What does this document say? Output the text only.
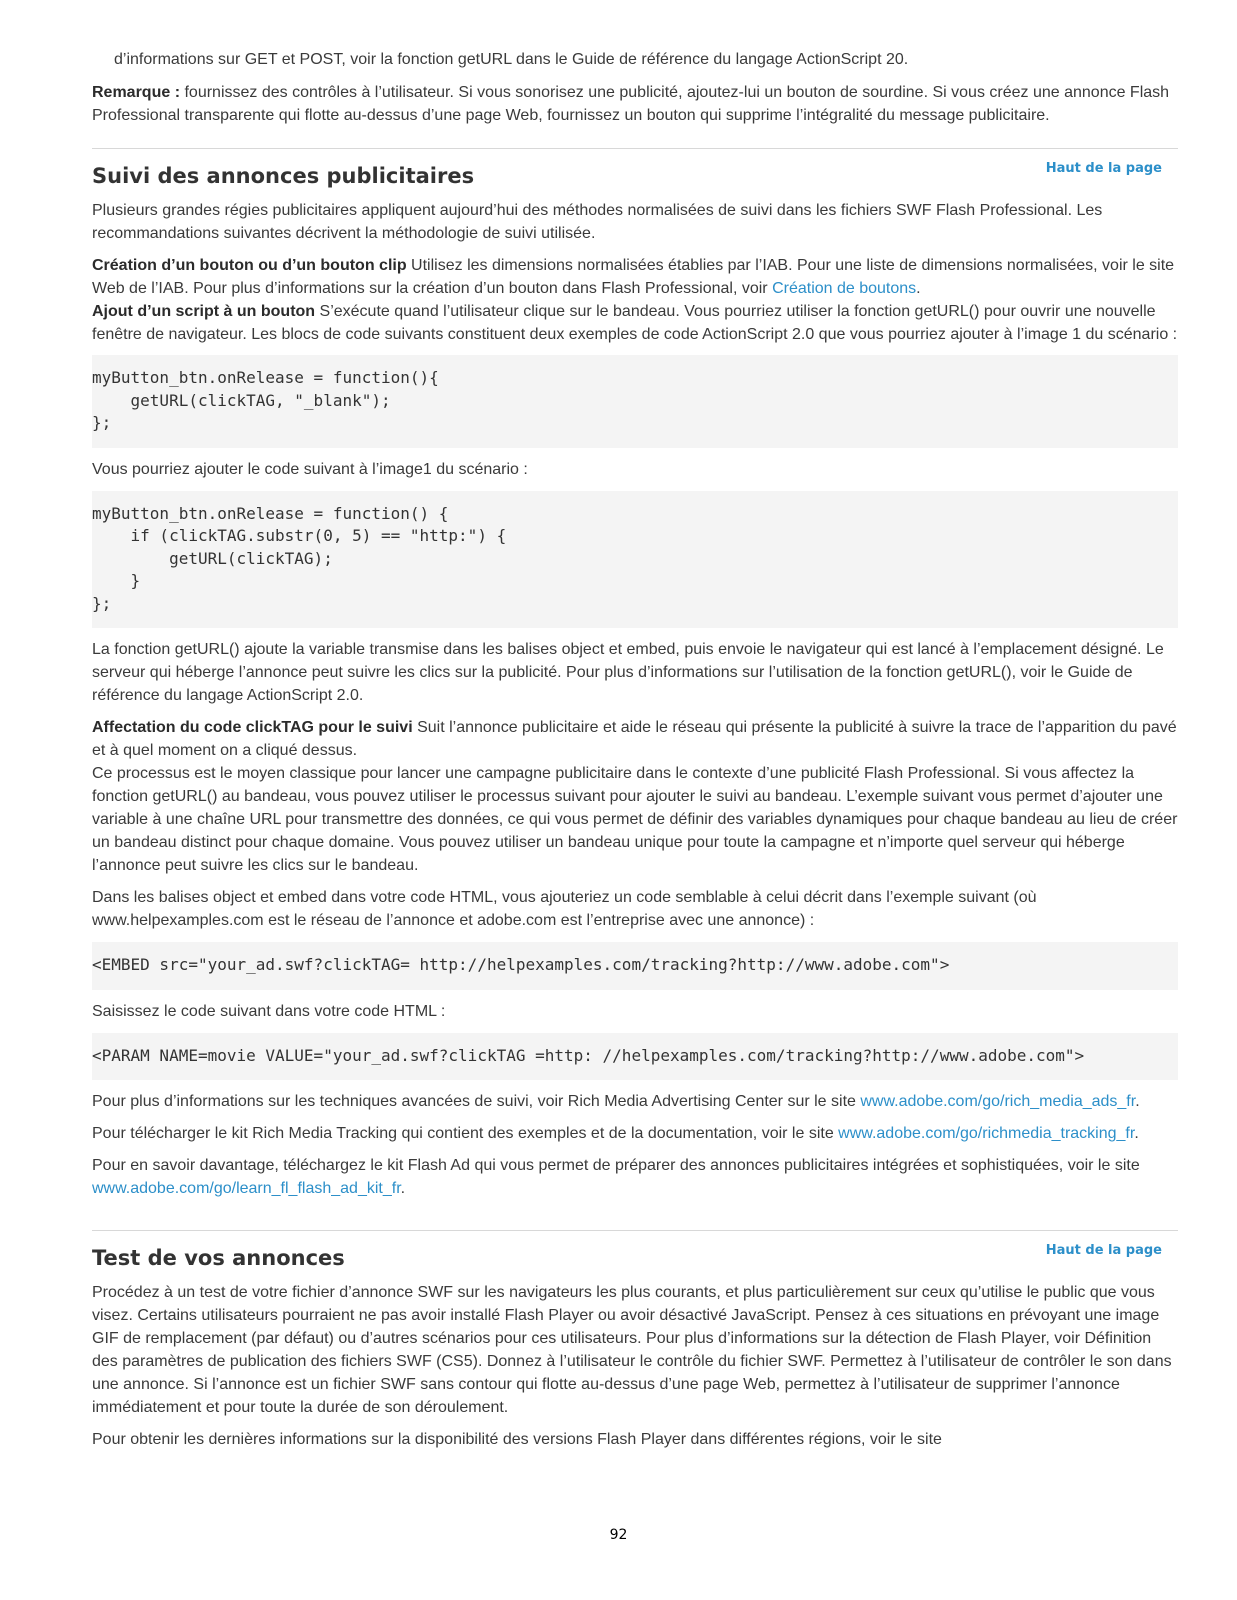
d’informations sur GET et POST, voir la fonction getURL dans le Guide de référence du langage ActionScript 20.

Remarque : fournissez des contrôles à l’utilisateur. Si vous sonorisez une publicité, ajoutez-lui un bouton de sourdine. Si vous créez une annonce Flash Professional transparente qui flotte au-dessus d’une page Web, fournissez un bouton qui supprime l’intégralité du message publicitaire.

Suivi des annonces publicitaires	Haut de la page

Plusieurs grandes régies publicitaires appliquent aujourd’hui des méthodes normalisées de suivi dans les fichiers SWF Flash Professional. Les recommandations suivantes décrivent la méthodologie de suivi utilisée.

Création d’un bouton ou d’un bouton clip Utilisez les dimensions normalisées établies par l’IAB. Pour une liste de dimensions normalisées, voir le site Web de l’IAB. Pour plus d’informations sur la création d’un bouton dans Flash Professional, voir Création de boutons.

Ajout d’un script à un bouton S’exécute quand l’utilisateur clique sur le bandeau. Vous pourriez utiliser la fonction getURL() pour ouvrir une nouvelle fenêtre de navigateur. Les blocs de code suivants constituent deux exemples de code ActionScript 2.0 que vous pourriez ajouter à l’image 1 du scénario :

myButton_btn.onRelease = function(){
getURL(clickTAG, "_blank");
};

Vous pourriez ajouter le code suivant à l’image1 du scénario :

myButton_btn.onRelease = function() {
if (clickTAG.substr(0, 5) == "http:") {
getURL(clickTAG);
}
};

La fonction getURL() ajoute la variable transmise dans les balises object et embed, puis envoie le navigateur qui est lancé à l’emplacement désigné. Le serveur qui héberge l’annonce peut suivre les clics sur la publicité. Pour plus d’informations sur l’utilisation de la fonction getURL(), voir le Guide de référence du langage ActionScript 2.0.

Affectation du code clickTAG pour le suivi Suit l’annonce publicitaire et aide le réseau qui présente la publicité à suivre la trace de l’apparition du pavé et à quel moment on a cliqué dessus.

Ce processus est le moyen classique pour lancer une campagne publicitaire dans le contexte d’une publicité Flash Professional. Si vous affectez la fonction getURL() au bandeau, vous pouvez utiliser le processus suivant pour ajouter le suivi au bandeau. L’exemple suivant vous permet d’ajouter une variable à une chaîne URL pour transmettre des données, ce qui vous permet de définir des variables dynamiques pour chaque bandeau au lieu de créer un bandeau distinct pour chaque domaine. Vous pouvez utiliser un bandeau unique pour toute la campagne et n’importe quel serveur qui héberge l’annonce peut suivre les clics sur le bandeau.

Dans les balises object et embed dans votre code HTML, vous ajouteriez un code semblable à celui décrit dans l’exemple suivant (où www.helpexamples.com est le réseau de l’annonce et adobe.com est l’entreprise avec une annonce) :

<EMBED src="your_ad.swf?clickTAG= http://helpexamples.com/tracking?http://www.adobe.com">

Saisissez le code suivant dans votre code HTML :

<PARAM NAME=movie VALUE="your_ad.swf?clickTAG =http: //helpexamples.com/tracking?http://www.adobe.com">

Pour plus d’informations sur les techniques avancées de suivi, voir Rich Media Advertising Center sur le site www.adobe.com/go/rich_media_ads_fr.

Pour télécharger le kit Rich Media Tracking qui contient des exemples et de la documentation, voir le site www.adobe.com/go/richmedia_tracking_fr.

Pour en savoir davantage, téléchargez le kit Flash Ad qui vous permet de préparer des annonces publicitaires intégrées et sophistiquées, voir le site www.adobe.com/go/learn_fl_flash_ad_kit_fr.

Test de vos annonces	Haut de la page

Procédez à un test de votre fichier d’annonce SWF sur les navigateurs les plus courants, et plus particulièrement sur ceux qu’utilise le public que vous visez. Certains utilisateurs pourraient ne pas avoir installé Flash Player ou avoir désactivé JavaScript. Pensez à ces situations en prévoyant une image GIF de remplacement (par défaut) ou d’autres scénarios pour ces utilisateurs. Pour plus d’informations sur la détection de Flash Player, voir Définition des paramètres de publication des fichiers SWF (CS5). Donnez à l’utilisateur le contrôle du fichier SWF. Permettez à l’utilisateur de contrôler le son dans une annonce. Si l’annonce est un fichier SWF sans contour qui flotte au-dessus d’une page Web, permettez à l’utilisateur de supprimer l’annonce immédiatement et pour toute la durée de son déroulement.

Pour obtenir les dernières informations sur la disponibilité des versions Flash Player dans différentes régions, voir le site

92
